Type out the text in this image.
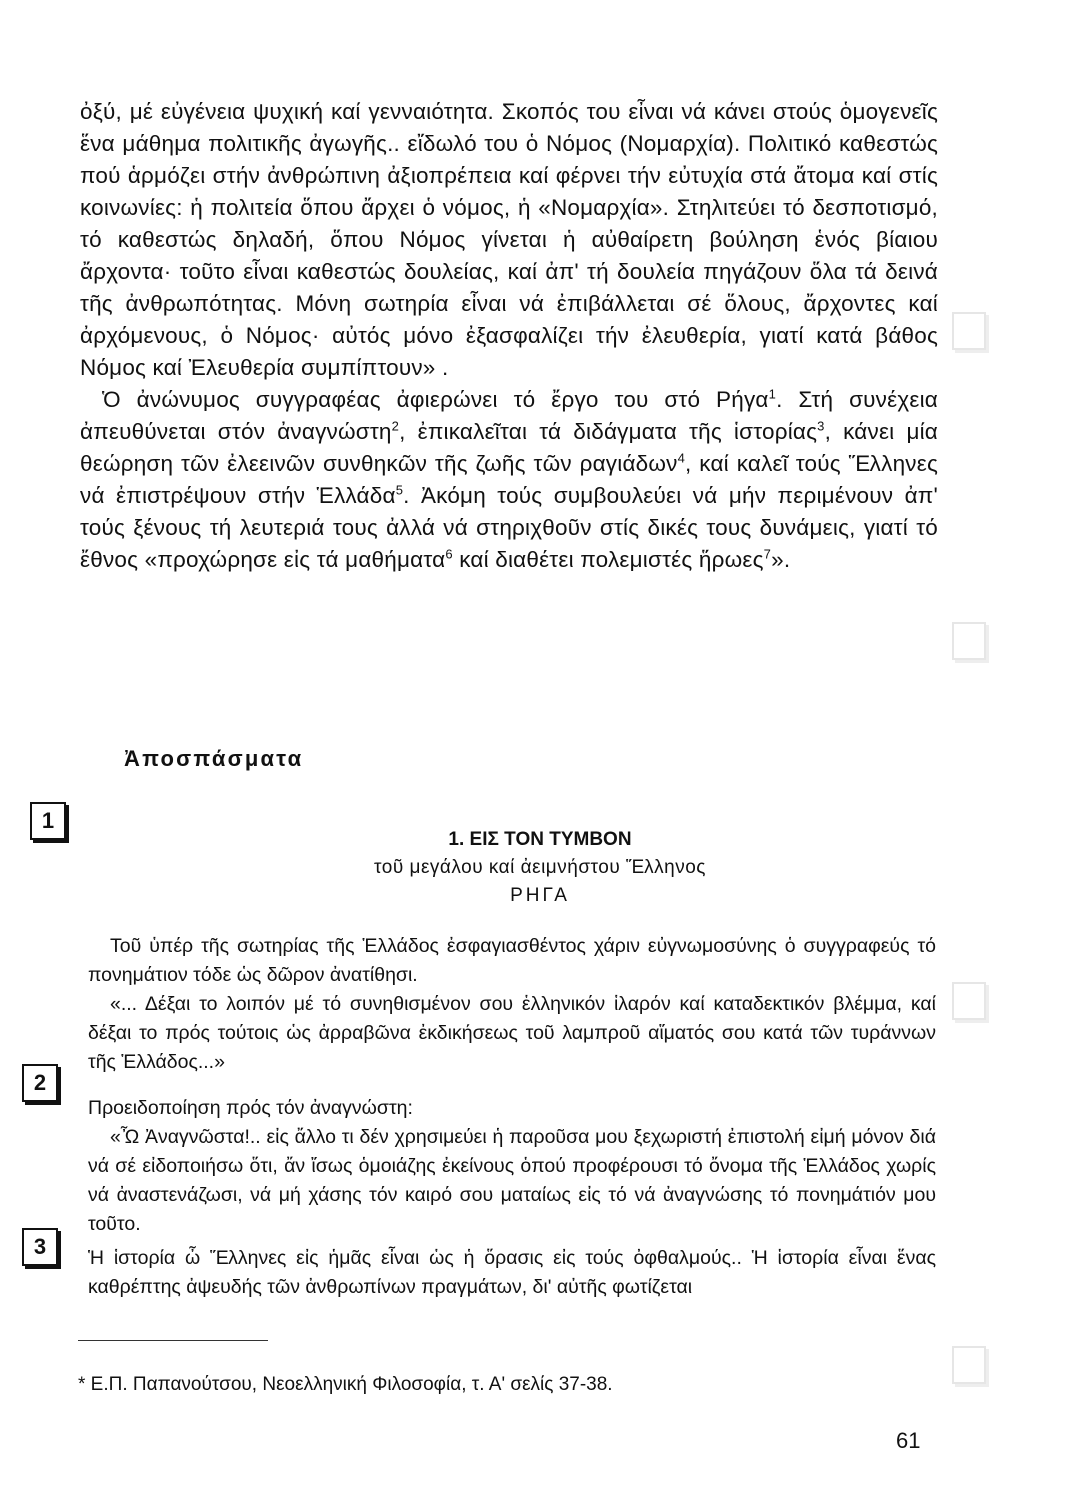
ὀξύ, μέ εὐγένεια ψυχική καί γενναιότητα. Σκοπός του εἶναι νά κάνει στούς ὁμογενεῖς ἕνα μάθημα πολιτικῆς ἀγωγῆς.. εἴδωλό του ὁ Νόμος (Νομαρχία). Πολιτικό καθεστώς πού ἁρμόζει στήν ἀνθρώπινη ἀξιοπρέπεια καί φέρνει τήν εὐτυχία στά ἄτομα καί στίς κοινωνίες: ἡ πολιτεία ὅπου ἄρχει ὁ νόμος, ἡ «Νομαρχία». Στηλιτεύει τό δεσποτισμό, τό καθεστώς δηλαδή, ὅπου Νόμος γίνεται ἡ αὐθαίρετη βούληση ἑνός βίαιου ἄρχοντα· τοῦτο εἶναι καθεστώς δουλείας, καί ἀπ' τή δουλεία πηγάζουν ὅλα τά δεινά τῆς ἀνθρωπότητας. Μόνη σωτηρία εἶναι νά ἐπιβάλλεται σέ ὅλους, ἄρχοντες καί ἀρχόμενους, ὁ Νόμος· αὐτός μόνο ἐξασφαλίζει τήν ἐλευθερία, γιατί κατά βάθος Νόμος καί Ἐλευθερία συμπίπτουν» .

Ὁ ἀνώνυμος συγγραφέας ἀφιερώνει τό ἔργο του στό Ρήγα$^1$. Στή συνέχεια ἀπευθύνεται στόν ἀναγνώστη$^2$, ἐπικαλεῖται τά διδάγματα τῆς ἱστορίας$^3$, κάνει μία θεώρηση τῶν ἐλεεινῶν συνθηκῶν τῆς ζωῆς τῶν ραγιάδων$^4$, καί καλεῖ τούς Ἕλληνες νά ἐπιστρέψουν στήν Ἑλλάδα$^5$. Ἀκόμη τούς συμβουλεύει νά μήν περιμένουν ἀπ' τούς ξένους τή λευτεριά τους ἀλλά νά στηριχθοῦν στίς δικές τους δυνάμεις, γιατί τό ἔθνος «προχώρησε εἰς τά μαθήματα$^6$ καί διαθέτει πολεμιστές ἥρωες$^7$».

Ἀποσπάσματα
1
1. ΕΙΣ ΤΟΝ ΤΥΜΒΟΝ
τοῦ μεγάλου καί ἀειμνήστου Ἕλληνος
ΡΗΓΑ

Τοῦ ὑπέρ τῆς σωτηρίας τῆς Ἑλλάδος ἐσφαγιασθέντος χάριν εὐγνωμοσύνης ὁ συγγραφεύς τό πονημάτιον τόδε ὡς δῶρον ἀνατίθησι.

«... Δέξαι το λοιπόν μέ τό συνηθισμένον σου ἑλληνικόν ἱλαρόν καί καταδεκτικόν βλέμμα, καί δέξαι το πρός τούτοις ὡς ἀρραβῶνα ἐκδικήσεως τοῦ λαμπροῦ αἵματός σου κατά τῶν τυράννων τῆς Ἑλλάδος...»

2

Προειδοποίηση πρός τόν ἀναγνώστη:

«Ὦ Ἀναγνῶστα!.. εἰς ἄλλο τι δέν χρησιμεύει ἡ παροῦσα μου ξεχωριστή ἐπιστολή εἰμή μόνον διά νά σέ εἰδοποιήσω ὅτι, ἄν ἴσως ὁμοιάζης ἐκείνους ὁπού προφέρουσι τό ὄνομα τῆς Ἑλλάδος χωρίς νά ἀναστενάζωσι, νά μή χάσης τόν καιρό σου ματαίως εἰς τό νά ἀναγνώσης τό πονημάτιόν μου τοῦτο.

3	Ἡ ἱστορία ὦ Ἕλληνες εἰς ἡμᾶς εἶναι ὡς ἡ ὅρασις εἰς τούς ὀφθαλμούς.. Ἡ ἱστορία εἶναι ἕνας καθρέπτης ἀψευδής τῶν ἀνθρωπίνων πραγμάτων, δι' αὐτῆς φωτίζεται

* Ε.Π. Παπανούτσου, Νεοελληνική Φιλοσοφία, τ. Α' σελίς 37-38.
61
